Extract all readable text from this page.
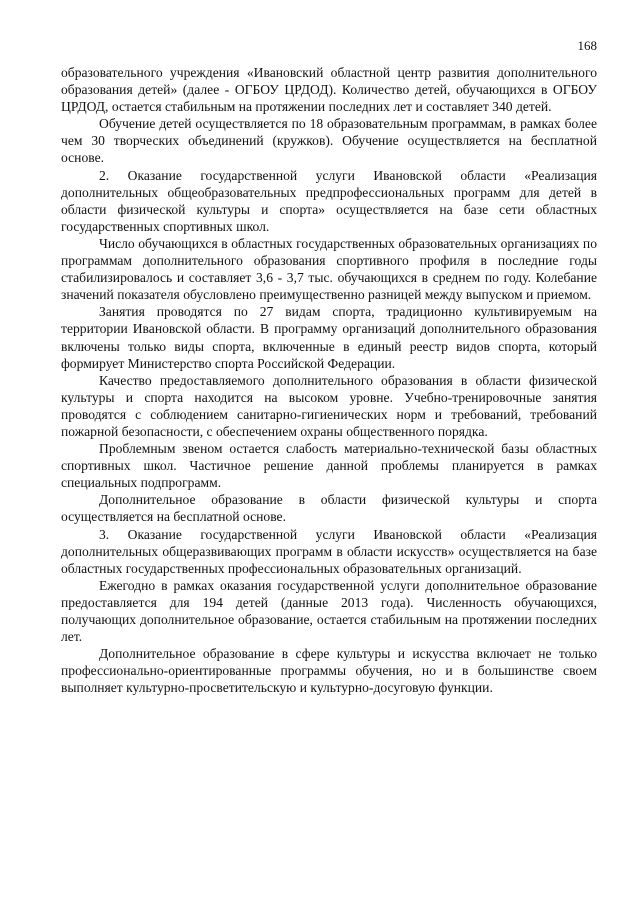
168

образовательного учреждения «Ивановский областной центр развития дополнительного образования детей» (далее - ОГБОУ ЦРДОД). Количество детей, обучающихся в ОГБОУ ЦРДОД, остается стабильным на протяжении последних лет и составляет 340 детей.

Обучение детей осуществляется по 18 образовательным программам, в рамках более чем 30 творческих объединений (кружков). Обучение осуществляется на бесплатной основе.

2. Оказание государственной услуги Ивановской области «Реализация дополнительных общеобразовательных предпрофессиональных программ для детей в области физической культуры и спорта» осуществляется на базе сети областных государственных спортивных школ.

Число обучающихся в областных государственных образовательных организациях по программам дополнительного образования спортивного профиля в последние годы стабилизировалось и составляет 3,6 - 3,7 тыс. обучающихся в среднем по году. Колебание значений показателя обусловлено преимущественно разницей между выпуском и приемом.

Занятия проводятся по 27 видам спорта, традиционно культивируемым на территории Ивановской области. В программу организаций дополнительного образования включены только виды спорта, включенные в единый реестр видов спорта, который формирует Министерство спорта Российской Федерации.

Качество предоставляемого дополнительного образования в области физической культуры и спорта находится на высоком уровне. Учебно-тренировочные занятия проводятся с соблюдением санитарно-гигиенических норм и требований, требований пожарной безопасности, с обеспечением охраны общественного порядка.

Проблемным звеном остается слабость материально-технической базы областных спортивных школ. Частичное решение данной проблемы планируется в рамках специальных подпрограмм.

Дополнительное образование в области физической культуры и спорта осуществляется на бесплатной основе.

3. Оказание государственной услуги Ивановской области «Реализация дополнительных общеразвивающих программ в области искусств» осуществляется на базе областных государственных профессиональных образовательных организаций.

Ежегодно в рамках оказания государственной услуги дополнительное образование предоставляется для 194 детей (данные 2013 года). Численность обучающихся, получающих дополнительное образование, остается стабильным на протяжении последних лет.

Дополнительное образование в сфере культуры и искусства включает не только профессионально-ориентированные программы обучения, но и в большинстве своем выполняет культурно-просветительскую и культурно-досуговую функции.
